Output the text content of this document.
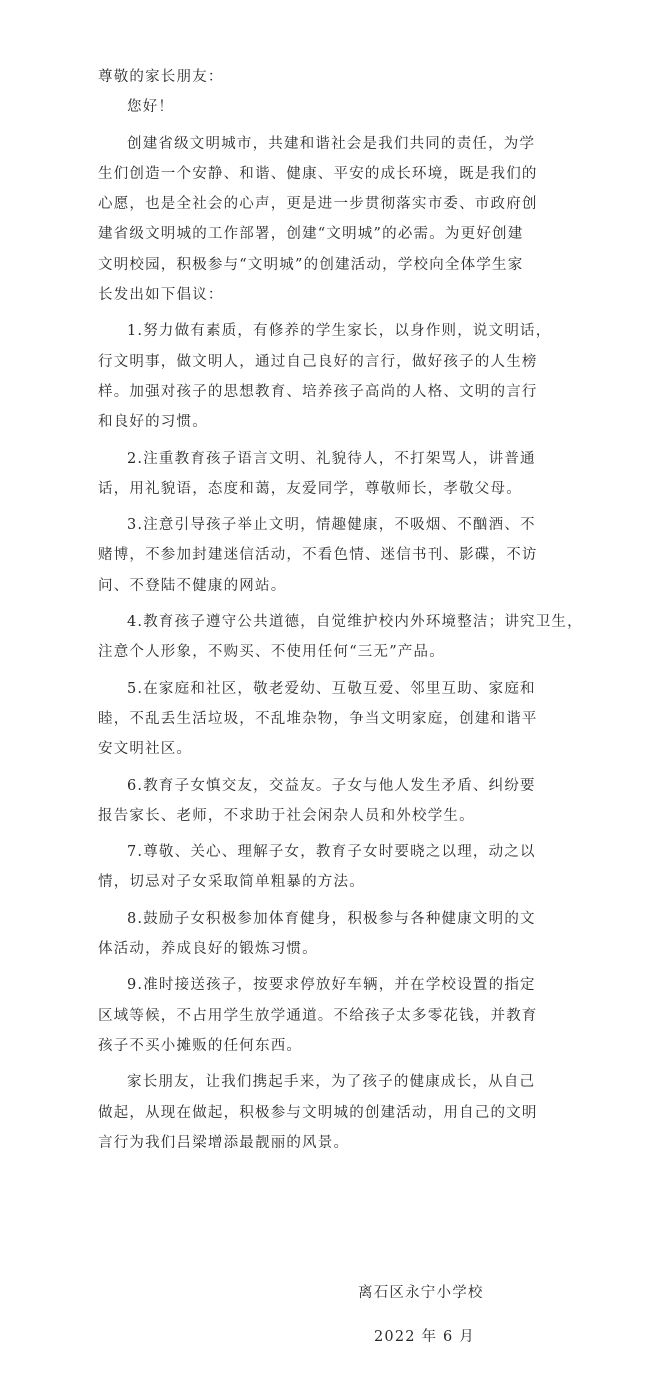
尊敬的家长朋友：
您好！
创建省级文明城市，共建和谐社会是我们共同的责任，为学
生们创造一个安静、和谐、健康、平安的成长环境，既是我们的
心愿，也是全社会的心声，更是进一步贯彻落实市委、市政府创
建省级文明城的工作部署，创建“文明城”的必需。为更好创建
文明校园，积极参与“文明城”的创建活动，学校向全体学生家
长发出如下倡议：
1.努力做有素质，有修养的学生家长，以身作则，说文明话，
行文明事，做文明人，通过自己良好的言行，做好孩子的人生榜
样。加强对孩子的思想教育、培养孩子高尚的人格、文明的言行
和良好的习惯。
2.注重教育孩子语言文明、礼貌待人，不打架骂人，讲普通
话，用礼貌语，态度和蔼，友爱同学，尊敬师长，孝敬父母。
3.注意引导孩子举止文明，情趣健康，不吸烟、不酗酒、不
赌博，不参加封建迷信活动，不看色情、迷信书刊、影碟，不访
问、不登陆不健康的网站。
4.教育孩子遵守公共道德，自觉维护校内外环境整洁；讲究卫生，
注意个人形象，不购买、不使用任何“三无”产品。
5.在家庭和社区，敬老爱幼、互敬互爱、邻里互助、家庭和
睦，不乱丢生活垃圾，不乱堆杂物，争当文明家庭，创建和谐平
安文明社区。
6.教育子女慎交友，交益友。子女与他人发生矛盾、纠纷要
报告家长、老师，不求助于社会闲杂人员和外校学生。
7.尊敬、关心、理解子女，教育子女时要晓之以理，动之以
情，切忌对子女采取简单粗暴的方法。
8.鼓励子女积极参加体育健身，积极参与各种健康文明的文
体活动，养成良好的锻炼习惯。
9.准时接送孩子，按要求停放好车辆，并在学校设置的指定
区域等候，不占用学生放学通道。不给孩子太多零花钱，并教育
孩子不买小摊贩的任何东西。
家长朋友，让我们携起手来，为了孩子的健康成长，从自己
做起，从现在做起，积极参与文明城的创建活动，用自己的文明
言行为我们吕梁增添最靓丽的风景。
离石区永宁小学校
2022 年 6 月
